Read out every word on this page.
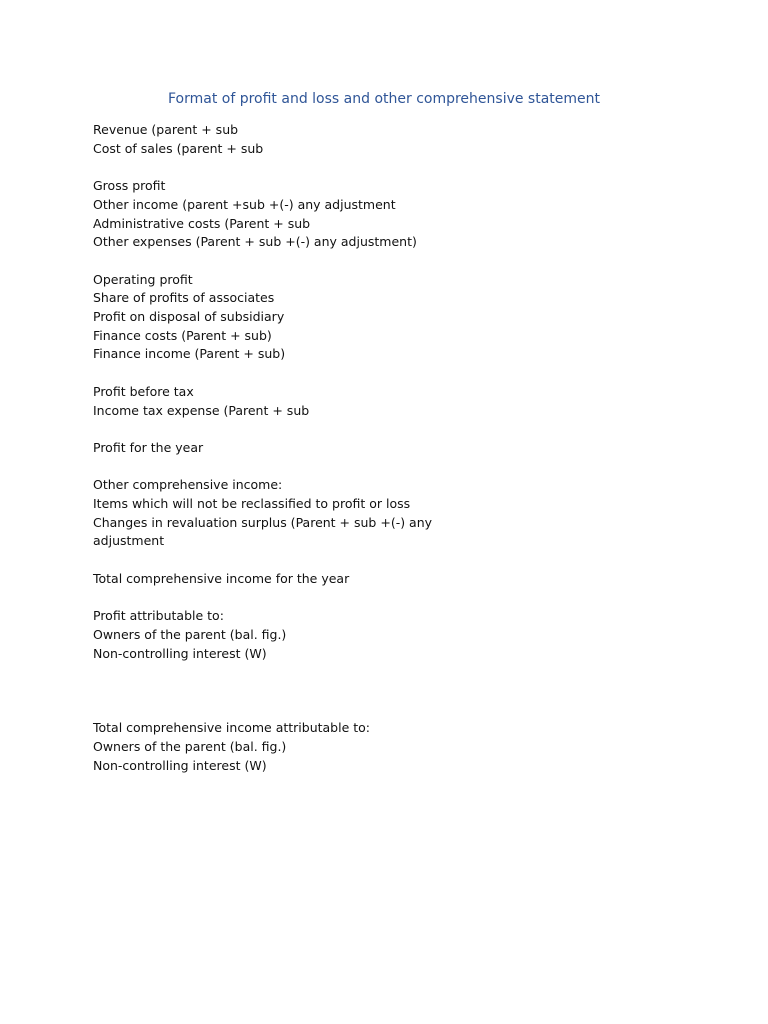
Format of profit and loss and other comprehensive statement
Revenue (parent + sub
Cost of sales (parent + sub
Gross profit
Other income (parent +sub +(-) any adjustment
Administrative costs (Parent + sub
Other expenses (Parent + sub +(-) any adjustment)
Operating profit
Share of profits of associates
Profit on disposal of subsidiary
Finance costs (Parent + sub)
Finance income (Parent + sub)
Profit before tax
Income tax expense (Parent + sub
Profit for the year
Other comprehensive income:
Items which will not be reclassified to profit or loss
Changes in revaluation surplus (Parent + sub +(-) any adjustment
Total comprehensive income for the year
Profit attributable to:
Owners of the parent (bal. fig.)
Non-controlling interest (W)
Total comprehensive income attributable to:
Owners of the parent (bal. fig.)
Non-controlling interest (W)
